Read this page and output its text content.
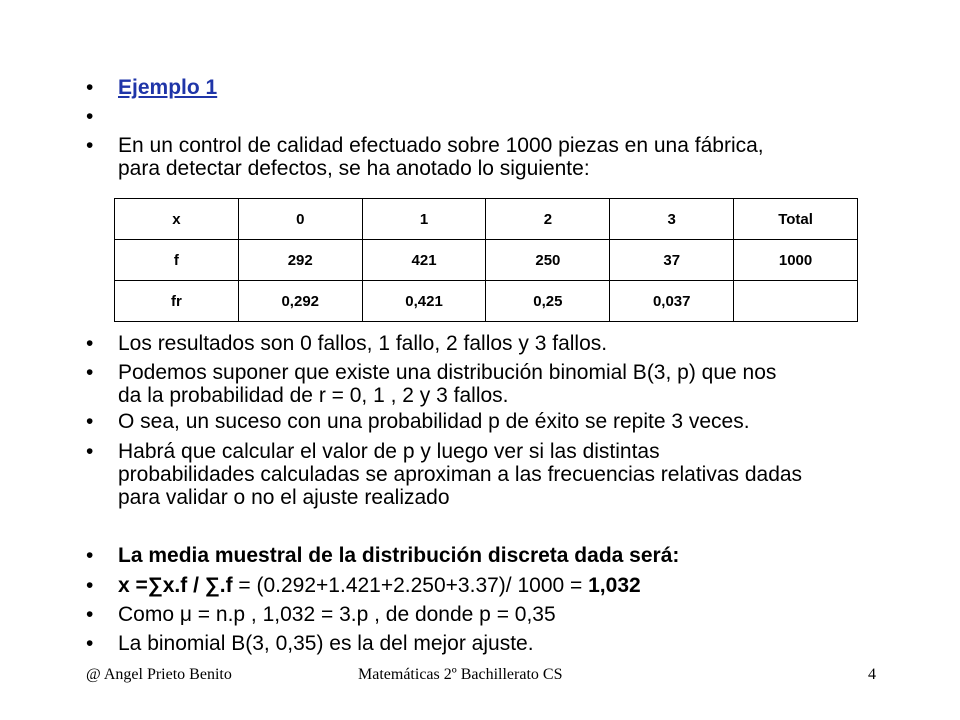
• Ejemplo 1
•
• En un control de calidad efectuado sobre 1000 piezas en una fábrica,
para detectar defectos, se ha anotado lo siguiente:
x	0	1	2	3	Total
f	292	421	250	37	1000
fr	0,292	0,421	0,25	0,037	
• Los resultados son 0 fallos, 1 fallo, 2 fallos y 3 fallos.
• Podemos suponer que existe una distribución binomial B(3, p) que nos
da la probabilidad de r = 0, 1 , 2 y 3 fallos.
• O sea, un suceso con una probabilidad p de éxito se repite 3 veces.
• Habrá que calcular el valor de p y luego ver si las distintas
probabilidades calculadas se aproximan a las frecuencias relativas dadas
para validar o no el ajuste realizado
• La media muestral de la distribución discreta dada será:
• x =∑x.f / ∑.f = (0.292+1.421+2.250+3.37)/ 1000 = 1,032
• Como μ = n.p , 1,032 = 3.p , de donde p = 0,35
• La binomial B(3, 0,35) es la del mejor ajuste.
@ Angel Prieto Benito	Matemáticas 2º Bachillerato CS	4
